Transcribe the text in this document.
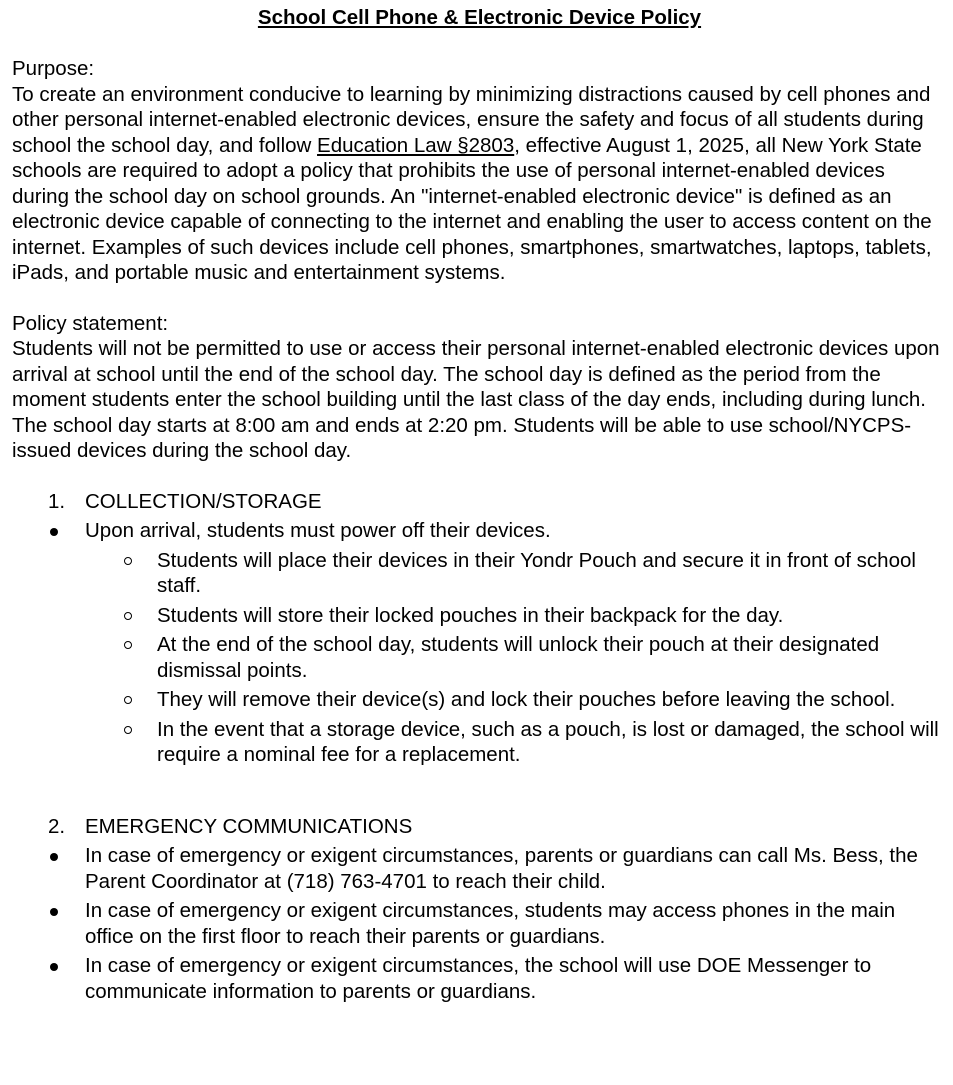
School Cell Phone & Electronic Device Policy

Purpose:

To create an environment conducive to learning by minimizing distractions caused by cell phones and other personal internet-enabled electronic devices, ensure the safety and focus of all students during school the school day, and follow Education Law §2803, effective August 1, 2025, all New York State schools are required to adopt a policy that prohibits the use of personal internet-enabled devices during the school day on school grounds. An "internet-enabled electronic device" is defined as an electronic device capable of connecting to the internet and enabling the user to access content on the internet. Examples of such devices include cell phones, smartphones, smartwatches, laptops, tablets, iPads, and portable music and entertainment systems.

Policy statement:

Students will not be permitted to use or access their personal internet-enabled electronic devices upon arrival at school until the end of the school day. The school day is defined as the period from the moment students enter the school building until the last class of the day ends, including during lunch. The school day starts at 8:00 am and ends at 2:20 pm. Students will be able to use school/NYCPS-issued devices during the school day.

1. COLLECTION/STORAGE

Upon arrival, students must power off their devices.

Students will place their devices in their Yondr Pouch and secure it in front of school staff.

Students will store their locked pouches in their backpack for the day.

At the end of the school day, students will unlock their pouch at their designated dismissal points.

They will remove their device(s) and lock their pouches before leaving the school.

In the event that a storage device, such as a pouch, is lost or damaged, the school will require a nominal fee for a replacement.

2. EMERGENCY COMMUNICATIONS

In case of emergency or exigent circumstances, parents or guardians can call Ms. Bess, the Parent Coordinator at (718) 763-4701 to reach their child.

In case of emergency or exigent circumstances, students may access phones in the main office on the first floor to reach their parents or guardians.

In case of emergency or exigent circumstances, the school will use DOE Messenger to communicate information to parents or guardians.
